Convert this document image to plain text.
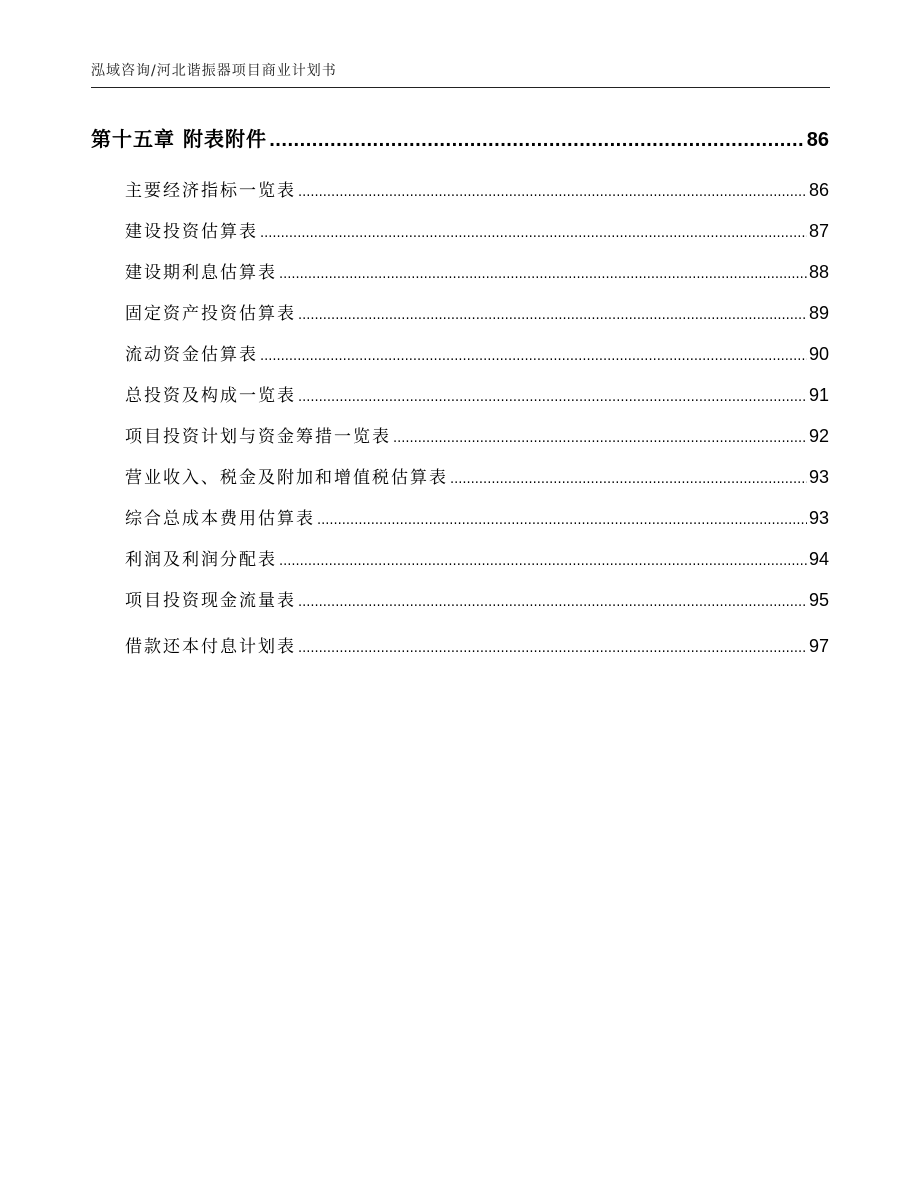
泓域咨询/河北谐振器项目商业计划书
第十五章 附表附件 .....	86
主要经济指标一览表 .....	86
建设投资估算表 .....	87
建设期利息估算表 .....	88
固定资产投资估算表 .....	89
流动资金估算表 .....	90
总投资及构成一览表 .....	91
项目投资计划与资金筹措一览表 .....	92
营业收入、税金及附加和增值税估算表 .....	93
综合总成本费用估算表 .....	93
利润及利润分配表 .....	94
项目投资现金流量表 .....	95
借款还本付息计划表 .....	97
